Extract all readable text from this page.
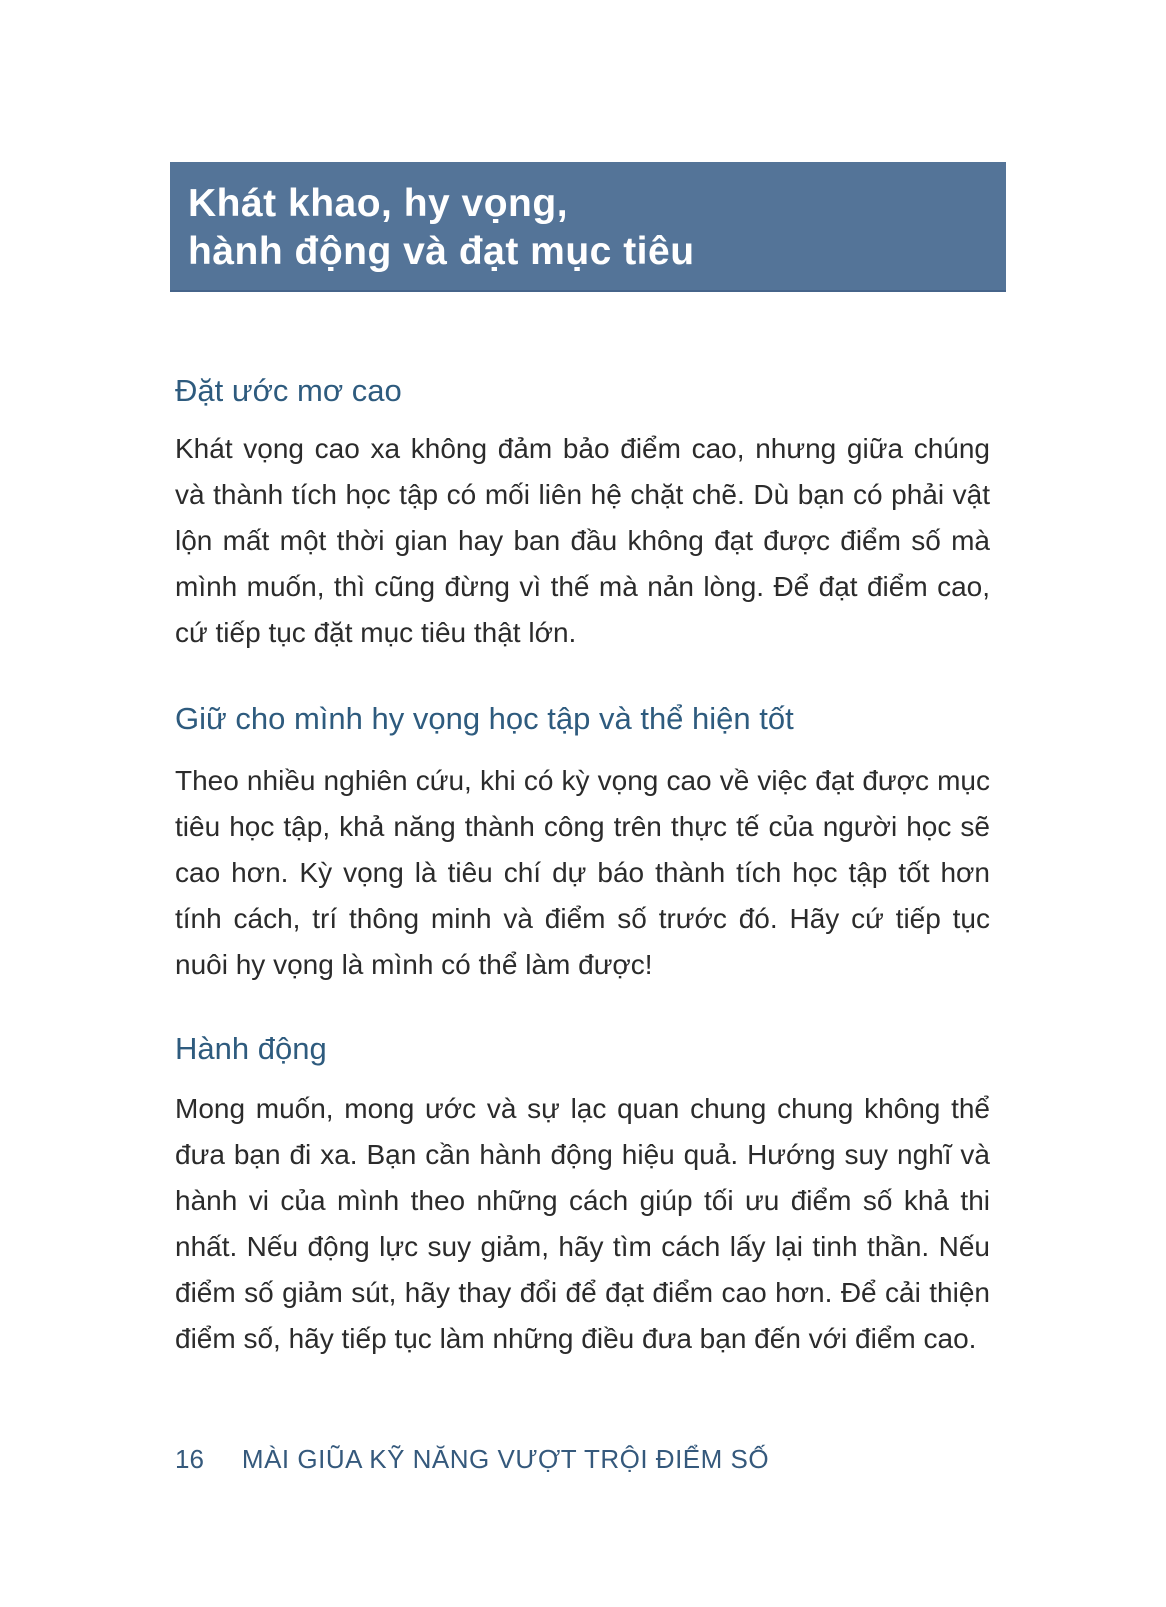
Khát khao, hy vọng,
hành động và đạt mục tiêu
Đặt ước mơ cao

Khát vọng cao xa không đảm bảo điểm cao, nhưng giữa chúng và thành tích học tập có mối liên hệ chặt chẽ. Dù bạn có phải vật lộn mất một thời gian hay ban đầu không đạt được điểm số mà mình muốn, thì cũng đừng vì thế mà nản lòng. Để đạt điểm cao, cứ tiếp tục đặt mục tiêu thật lớn.

Giữ cho mình hy vọng học tập và thể hiện tốt

Theo nhiều nghiên cứu, khi có kỳ vọng cao về việc đạt được mục tiêu học tập, khả năng thành công trên thực tế của người học sẽ cao hơn. Kỳ vọng là tiêu chí dự báo thành tích học tập tốt hơn tính cách, trí thông minh và điểm số trước đó. Hãy cứ tiếp tục nuôi hy vọng là mình có thể làm được!

Hành động

Mong muốn, mong ước và sự lạc quan chung chung không thể đưa bạn đi xa. Bạn cần hành động hiệu quả. Hướng suy nghĩ và hành vi của mình theo những cách giúp tối ưu điểm số khả thi nhất. Nếu động lực suy giảm, hãy tìm cách lấy lại tinh thần. Nếu điểm số giảm sút, hãy thay đổi để đạt điểm cao hơn. Để cải thiện điểm số, hãy tiếp tục làm những điều đưa bạn đến với điểm cao.

16 MÀI GIŨA KỸ NĂNG VƯỢT TRỘI ĐIỂM SỐ
